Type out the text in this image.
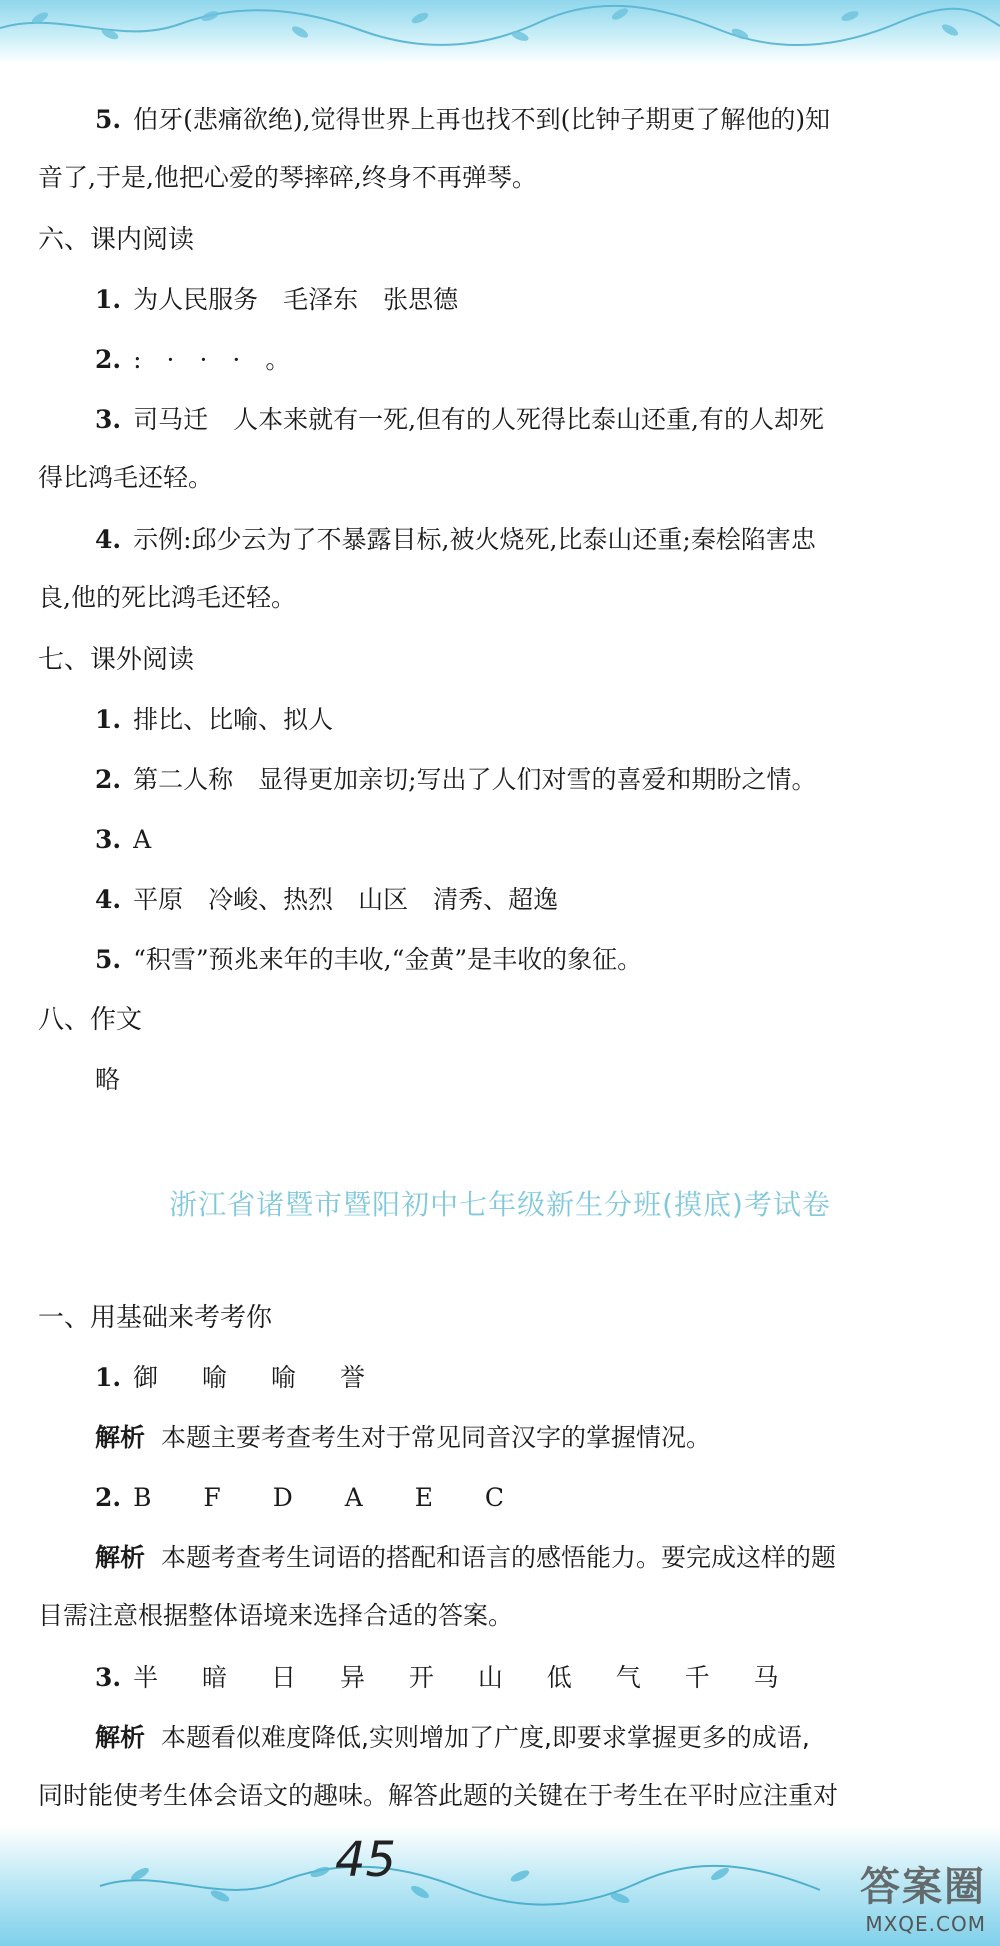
5. 伯牙(悲痛欲绝),觉得世界上再也找不到(比钟子期更了解他的)知
音了,于是,他把心爱的琴摔碎,终身不再弹琴。
六、课内阅读
1. 为人民服务　毛泽东　张思德
2. :　·　·　·　。
3. 司马迁　人本来就有一死,但有的人死得比泰山还重,有的人却死
得比鸿毛还轻。
4. 示例:邱少云为了不暴露目标,被火烧死,比泰山还重;秦桧陷害忠
良,他的死比鸿毛还轻。
七、课外阅读
1. 排比、比喻、拟人
2. 第二人称　显得更加亲切;写出了人们对雪的喜爱和期盼之情。
3. A
4. 平原　冷峻、热烈　山区　清秀、超逸
5. “积雪”预兆来年的丰收,“金黄”是丰收的象征。
八、作文
略
浙江省诸暨市暨阳初中七年级新生分班(摸底)考试卷
一、用基础来考考你
1. 御 喻 喻 誉
解析 本题主要考查考生对于常见同音汉字的掌握情况。
2. B F D A E C
解析 本题考查考生词语的搭配和语言的感悟能力。要完成这样的题
目需注意根据整体语境来选择合适的答案。
3. 半 暗 日 异 开 山 低 气 千 马
解析 本题看似难度降低,实则增加了广度,即要求掌握更多的成语,
同时能使考生体会语文的趣味。解答此题的关键在于考生在平时应注重对
45	答案圈
MXQE.COM
